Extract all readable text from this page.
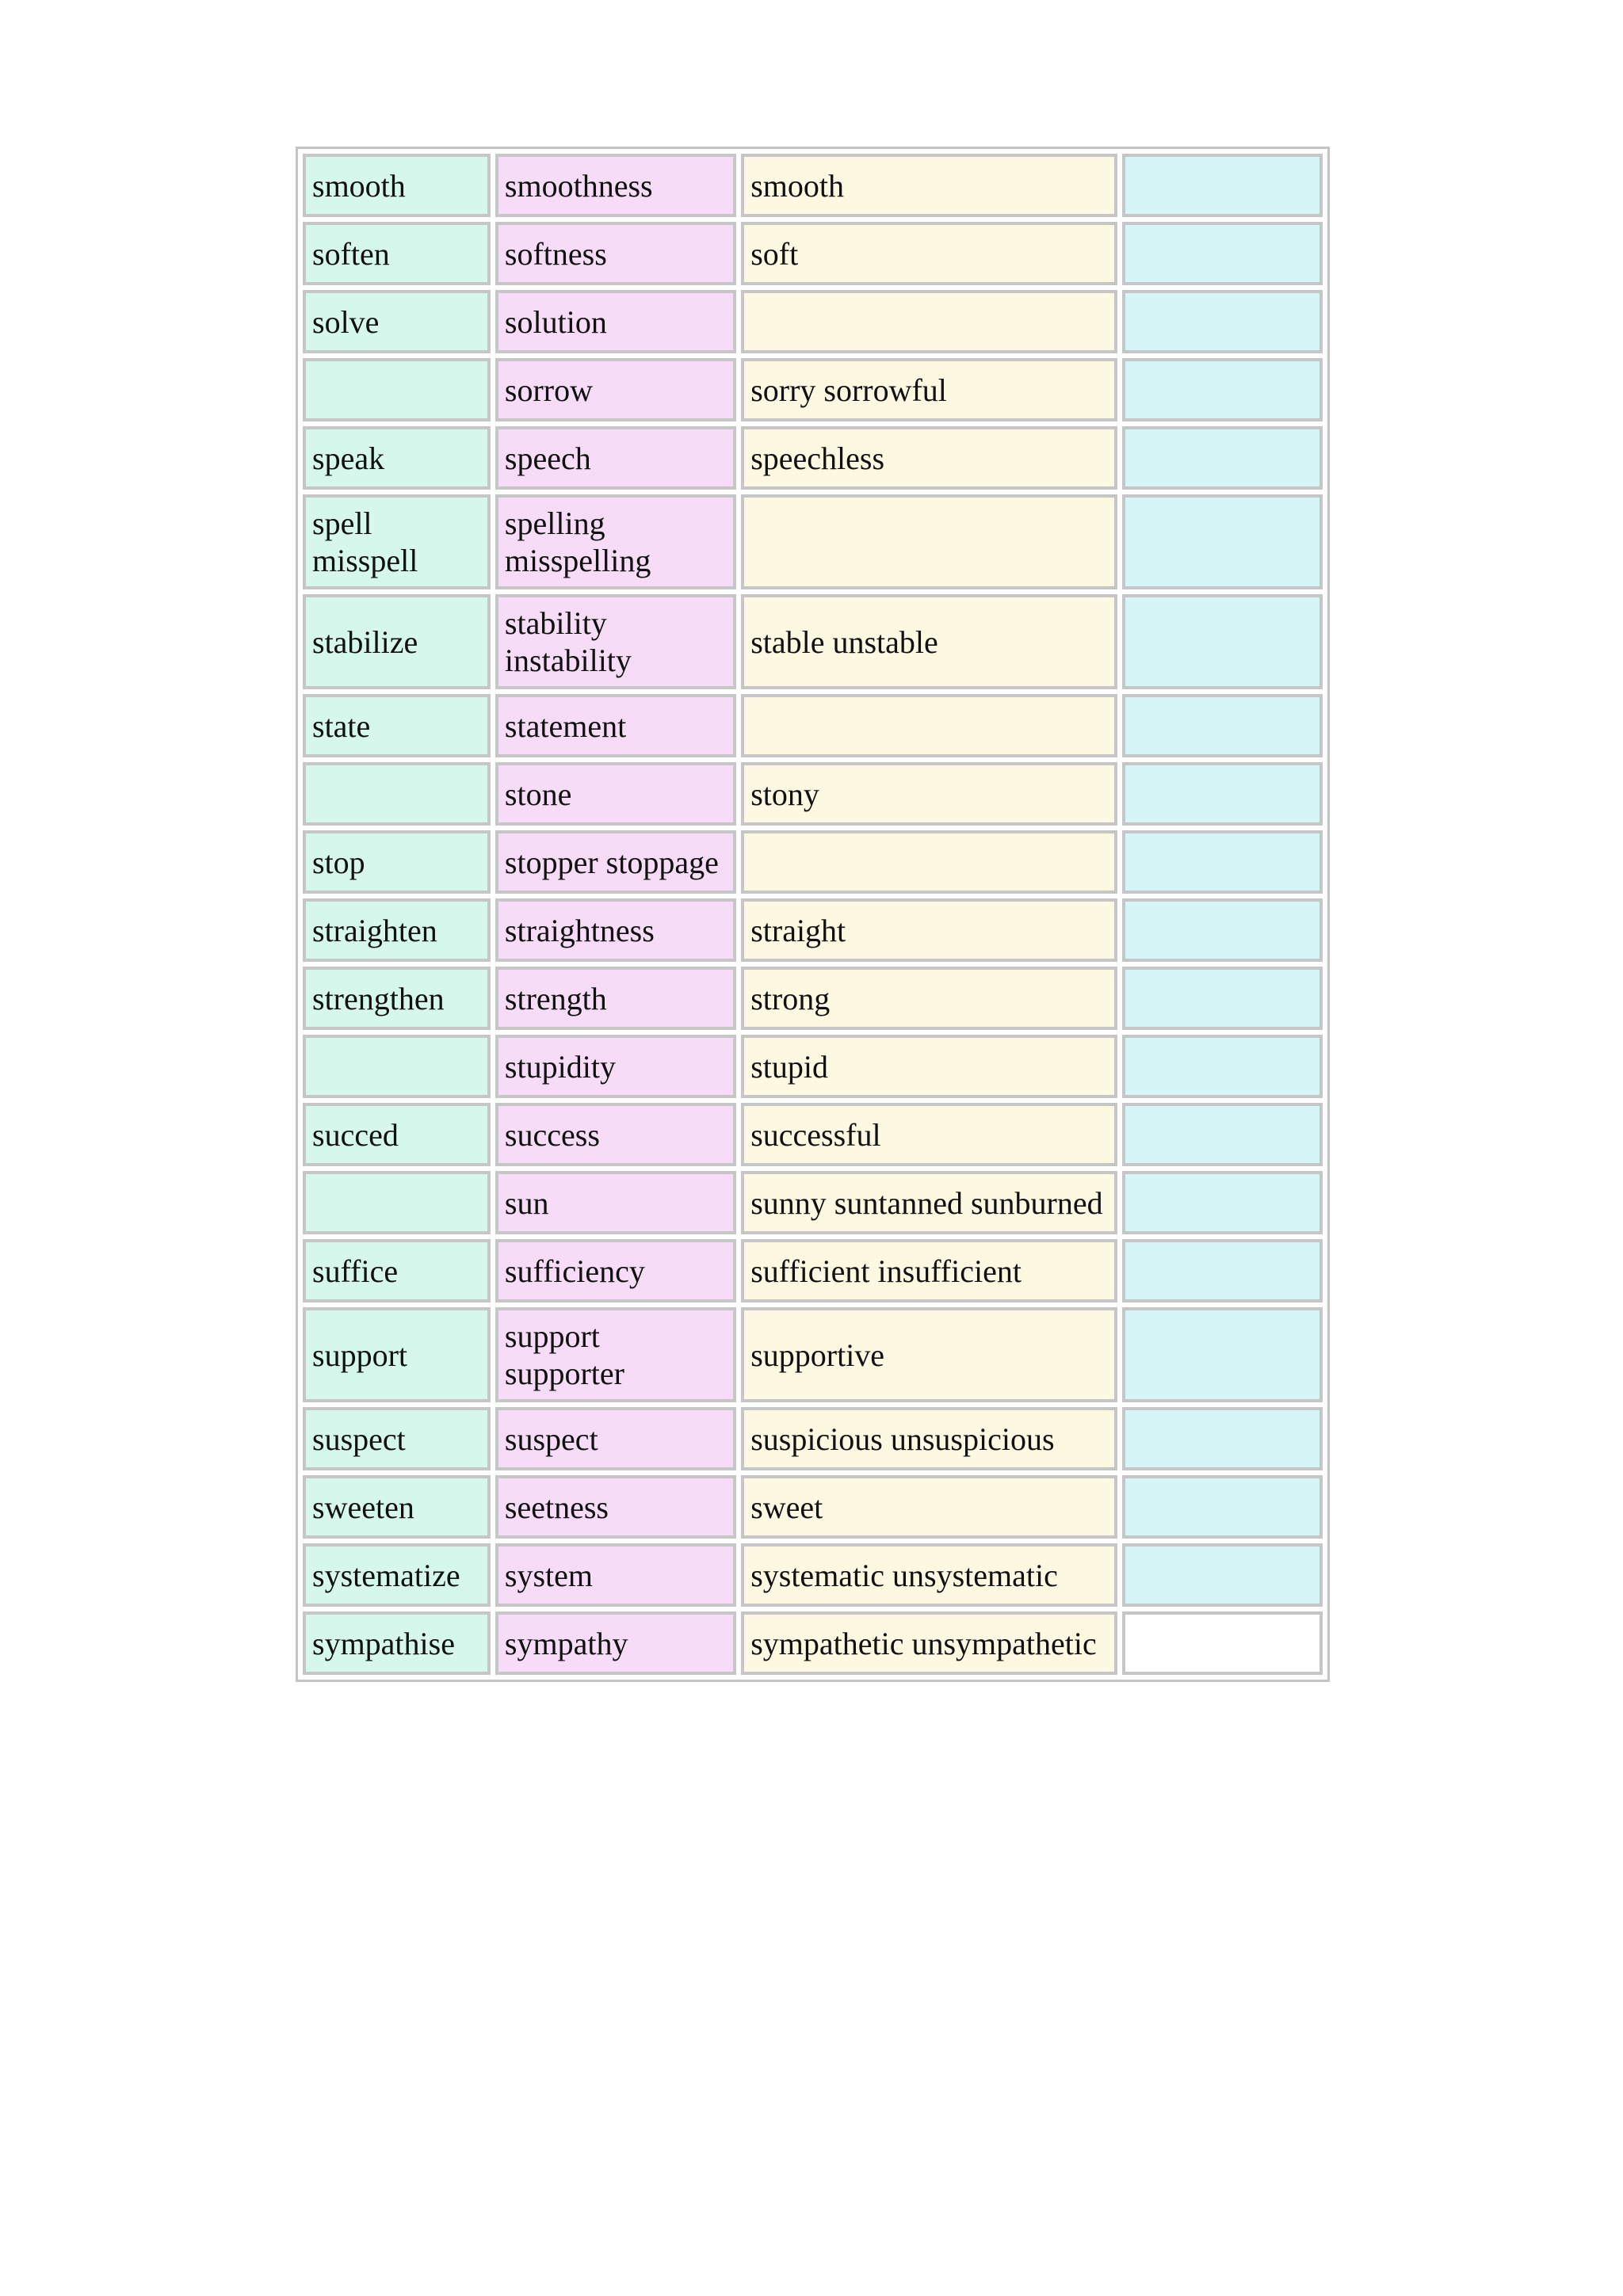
smooth	smoothness	smooth	
soften	softness	soft	
solve	solution		
	sorrow	sorry sorrowful	
speak	speech	speechless	
spell misspell	spelling misspelling		
stabilize	stability instability	stable unstable	
state	statement		
	stone	stony	
stop	stopper stoppage		
straighten	straightness	straight	
strengthen	strength	strong	
	stupidity	stupid	
succed	success	successful	
	sun	sunny suntanned sunburned	
suffice	sufficiency	sufficient insufficient	
support	support supporter	supportive	
suspect	suspect	suspicious unsuspicious	
sweeten	seetness	sweet	
systematize	system	systematic unsystematic	
sympathise	sympathy	sympathetic unsympathetic	
